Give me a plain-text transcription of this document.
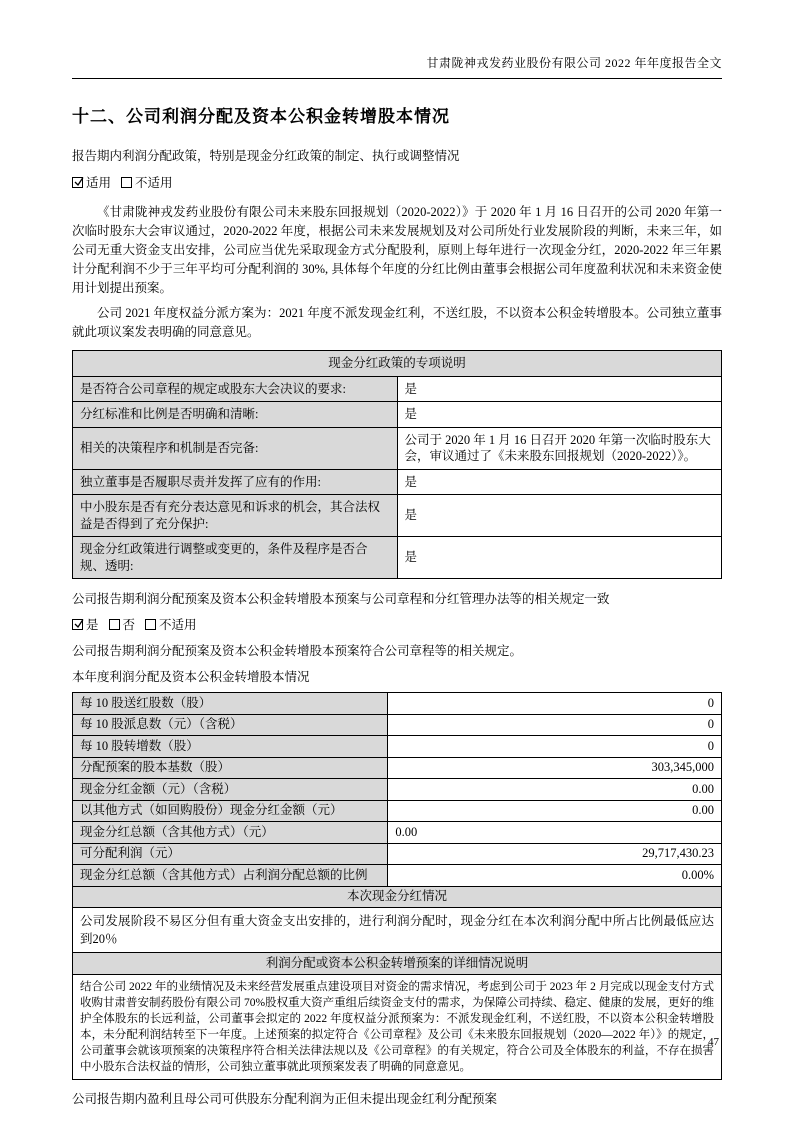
甘肃陇神戎发药业股份有限公司 2022 年年度报告全文
十二、公司利润分配及资本公积金转增股本情况

报告期内利润分配政策，特别是现金分红政策的制定、执行或调整情况

适用 不适用

《甘肃陇神戎发药业股份有限公司未来股东回报规划（2020-2022）》于 2020 年 1 月 16 日召开的公司 2020 年第一次临时股东大会审议通过，2020-2022 年度，根据公司未来发展规划及对公司所处行业发展阶段的判断，未来三年，如公司无重大资金支出安排，公司应当优先采取现金方式分配股利，原则上每年进行一次现金分红，2020-2022 年三年累计分配利润不少于三年平均可分配利润的 30%, 具体每个年度的分红比例由董事会根据公司年度盈利状况和未来资金使用计划提出预案。

公司 2021 年度权益分派方案为：2021 年度不派发现金红利，不送红股，不以资本公积金转增股本。公司独立董事就此项议案发表明确的同意意见。

现金分红政策的专项说明	
是否符合公司章程的规定或股东大会决议的要求:	是
分红标准和比例是否明确和清晰:	是
相关的决策程序和机制是否完备:	公司于 2020 年 1 月 16 日召开 2020 年第一次临时股东大会，审议通过了《未来股东回报规划（2020-2022）》。
独立董事是否履职尽责并发挥了应有的作用:	是
中小股东是否有充分表达意见和诉求的机会，其合法权益是否得到了充分保护:	是
现金分红政策进行调整或变更的，条件及程序是否合规、透明:	是

公司报告期利润分配预案及资本公积金转增股本预案与公司章程和分红管理办法等的相关规定一致

是 否 不适用

公司报告期利润分配预案及资本公积金转增股本预案符合公司章程等的相关规定。

本年度利润分配及资本公积金转增股本情况

每 10 股送红股数（股）	0
每 10 股派息数（元）（含税）	0
每 10 股转增数（股）	0
分配预案的股本基数（股）	303,345,000
现金分红金额（元）（含税）	0.00
以其他方式（如回购股份）现金分红金额（元）	0.00
现金分红总额（含其他方式）（元）	0.00
可分配利润（元）	29,717,430.23
现金分红总额（含其他方式）占利润分配总额的比例	0.00%
本次现金分红情况	
公司发展阶段不易区分但有重大资金支出安排的，进行利润分配时，现金分红在本次利润分配中所占比例最低应达到20％	
利润分配或资本公积金转增预案的详细情况说明	
结合公司 2022 年的业绩情况及未来经营发展重点建设项目对资金的需求情况，考虑到公司于 2023 年 2 月完成以现金支付方式收购甘肃普安制药股份有限公司 70%股权重大资产重组后续资金支付的需求，为保障公司持续、稳定、健康的发展，更好的维护全体股东的长远利益，公司董事会拟定的 2022 年度权益分派预案为：不派发现金红利，不送红股，不以资本公积金转增股本，未分配利润结转至下一年度。上述预案的拟定符合《公司章程》及公司《未来股东回报规划（2020—2022 年）》的规定，公司董事会就该项预案的决策程序符合相关法律法规以及《公司章程》的有关规定，符合公司及全体股东的利益，不存在损害中小股东合法权益的情形，公司独立董事就此项预案发表了明确的同意意见。	

公司报告期内盈利且母公司可供股东分配利润为正但未提出现金红利分配预案

47
